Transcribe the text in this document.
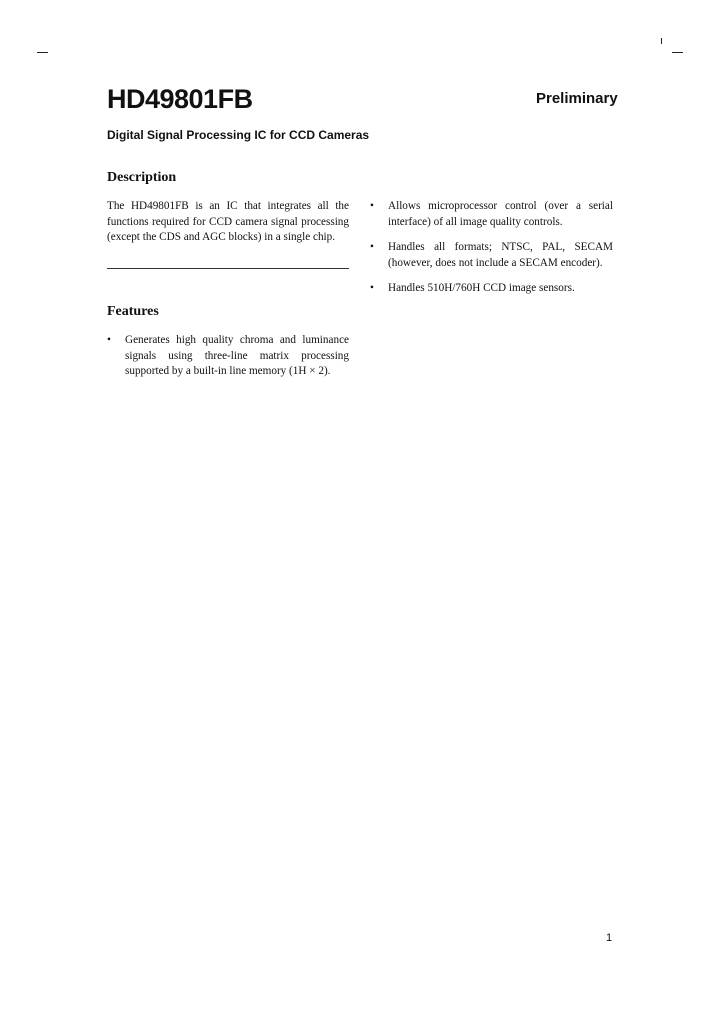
HD49801FB	Preliminary
Digital Signal Processing IC for CCD Cameras
Description
The HD49801FB is an IC that integrates all the functions required for CCD camera signal processing (except the CDS and AGC blocks) in a single chip.
Features
• Generates high quality chroma and luminance signals using three-line matrix processing supported by a built-in line memory (1H × 2).
• Allows microprocessor control (over a serial interface) of all image quality controls.
• Handles all formats; NTSC, PAL, SECAM (however, does not include a SECAM encoder).
• Handles 510H/760H CCD image sensors.
1
